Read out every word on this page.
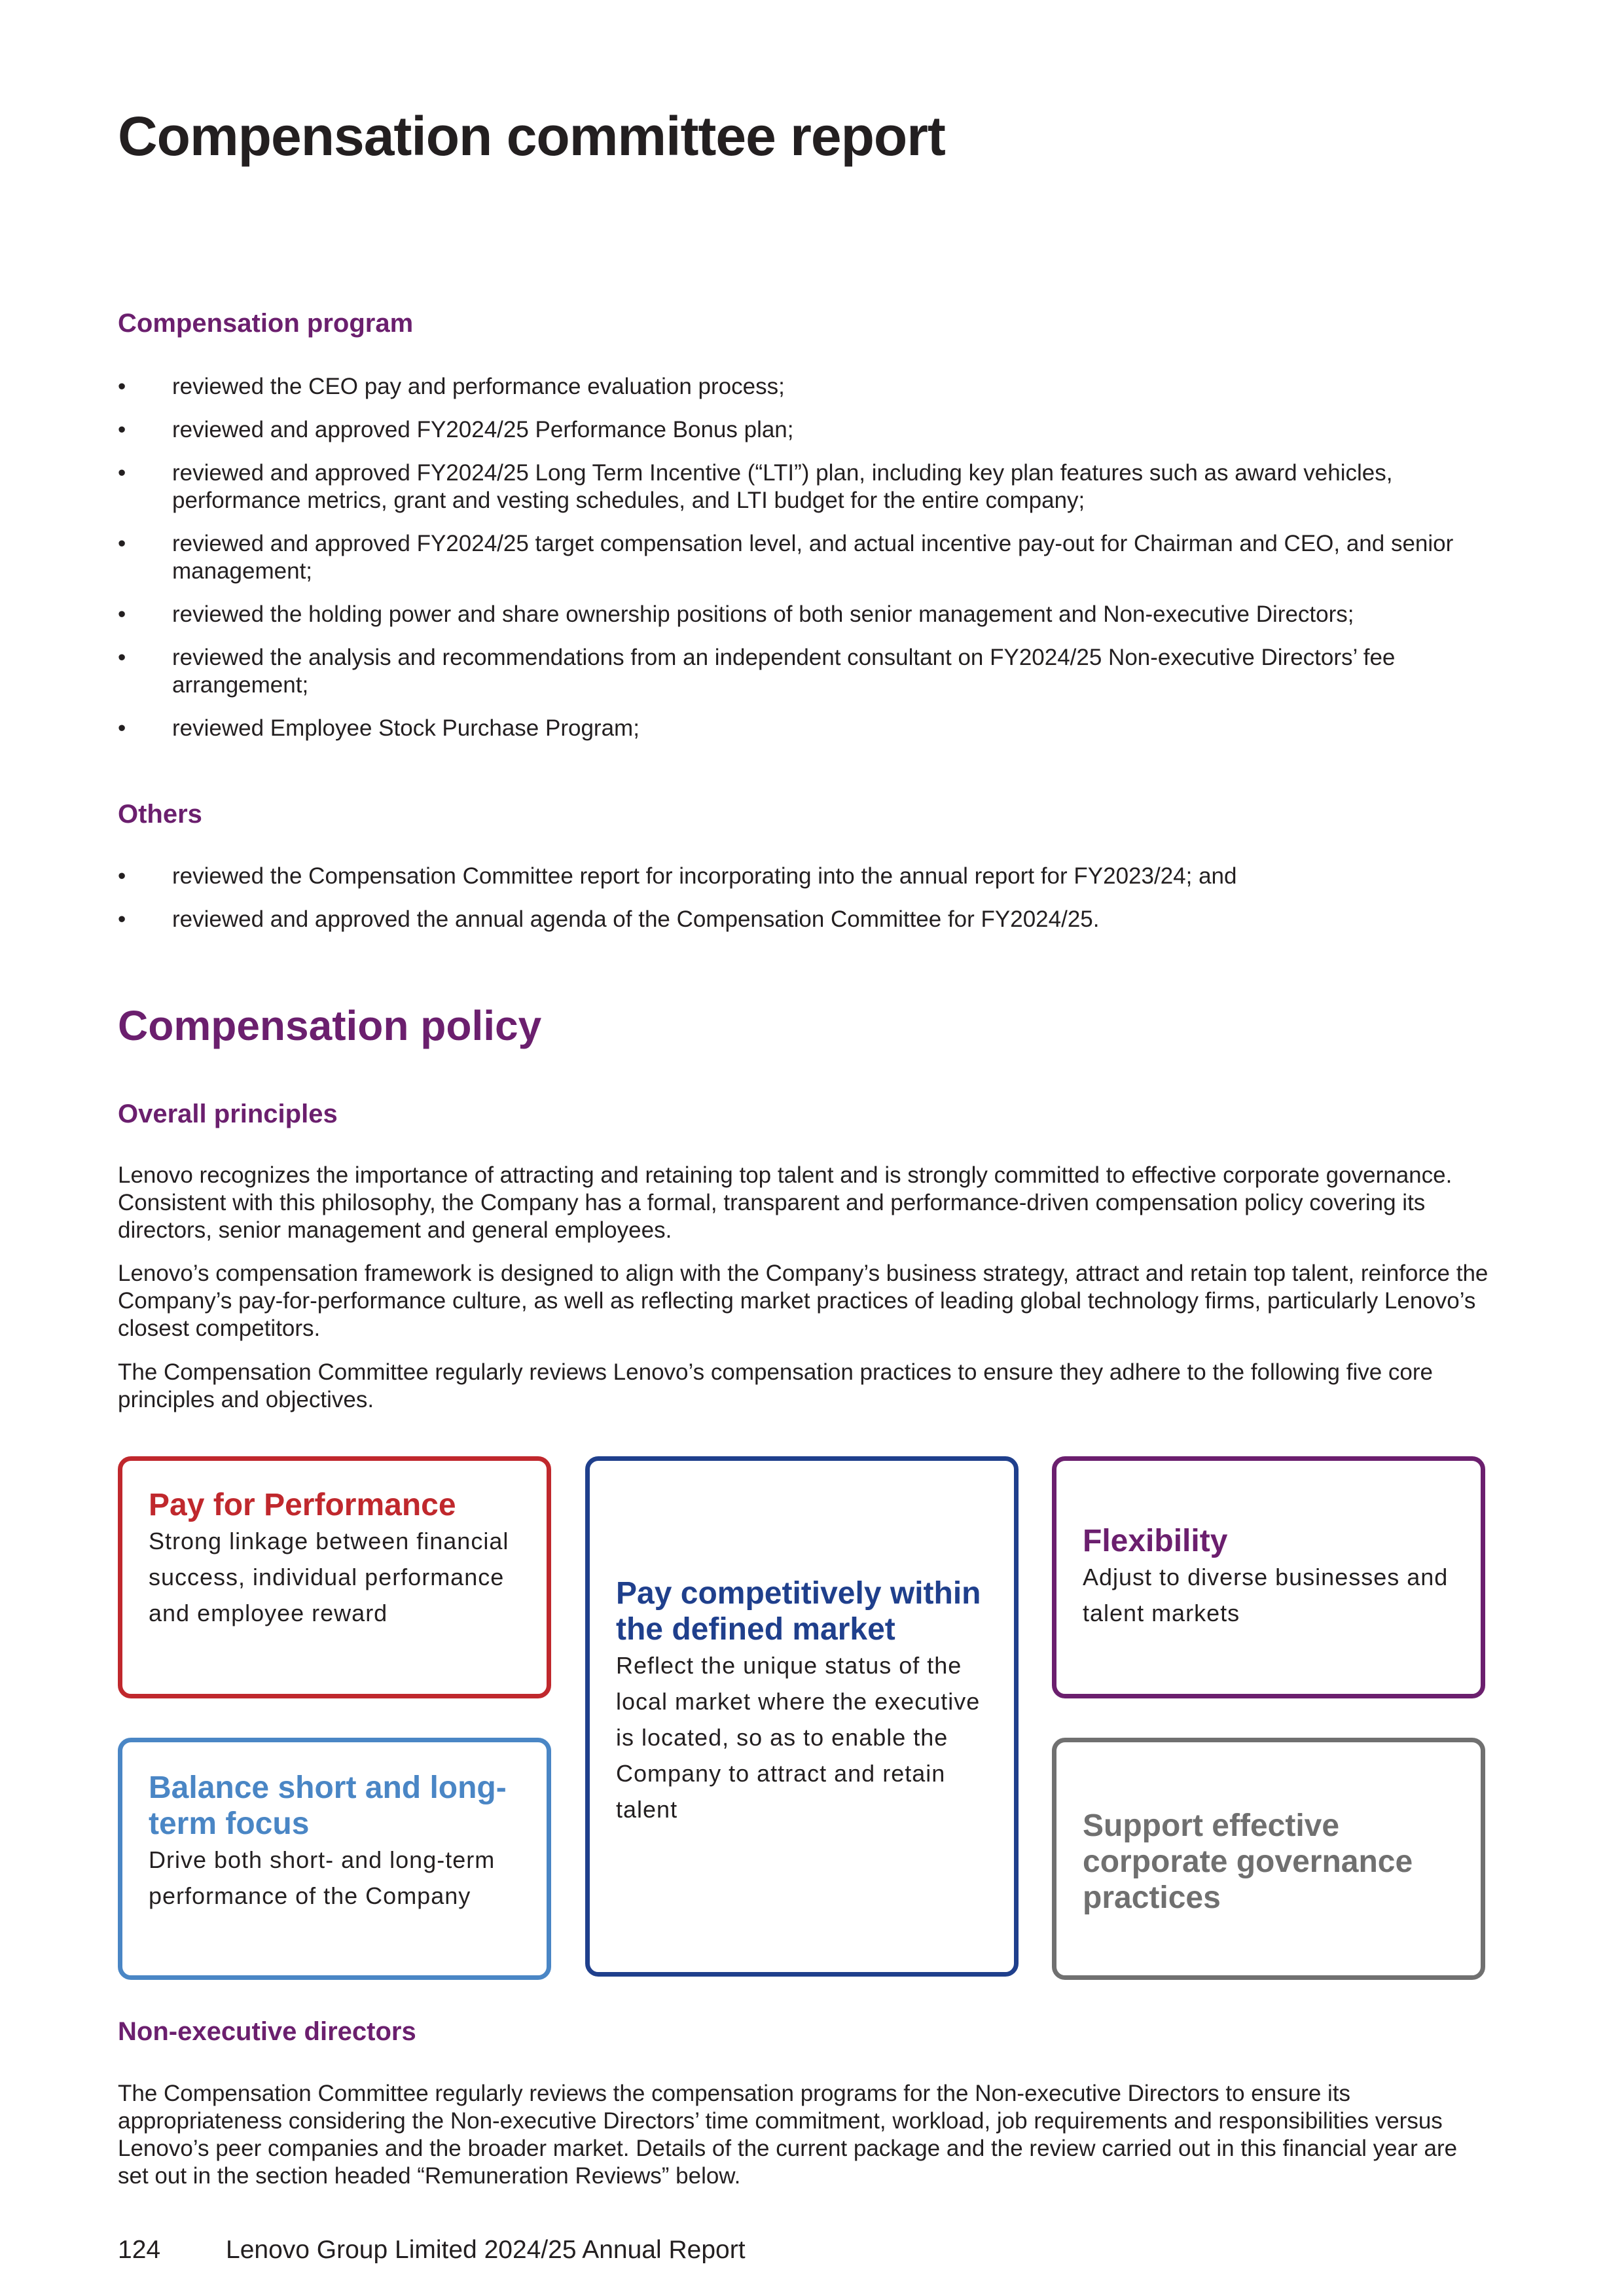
Compensation committee report
Compensation program
• reviewed the CEO pay and performance evaluation process;
• reviewed and approved FY2024/25 Performance Bonus plan;
• reviewed and approved FY2024/25 Long Term Incentive (“LTI”) plan, including key plan features such as award vehicles, performance metrics, grant and vesting schedules, and LTI budget for the entire company;
• reviewed and approved FY2024/25 target compensation level, and actual incentive pay-out for Chairman and CEO, and senior management;
• reviewed the holding power and share ownership positions of both senior management and Non-executive Directors;
• reviewed the analysis and recommendations from an independent consultant on FY2024/25 Non-executive Directors’ fee arrangement;
• reviewed Employee Stock Purchase Program;
Others
• reviewed the Compensation Committee report for incorporating into the annual report for FY2023/24; and
• reviewed and approved the annual agenda of the Compensation Committee for FY2024/25.
Compensation policy
Overall principles

Lenovo recognizes the importance of attracting and retaining top talent and is strongly committed to effective corporate governance. Consistent with this philosophy, the Company has a formal, transparent and performance-driven compensation policy covering its directors, senior management and general employees.

Lenovo’s compensation framework is designed to align with the Company’s business strategy, attract and retain top talent, reinforce the Company’s pay-for-performance culture, as well as reflecting market practices of leading global technology firms, particularly Lenovo’s closest competitors.

The Compensation Committee regularly reviews Lenovo’s compensation practices to ensure they adhere to the following five core principles and objectives.

Pay for Performance

Strong linkage between financial success, individual performance and employee reward

Pay competitively within the defined market

Reflect the unique status of the local market where the executive is located, so as to enable the Company to attract and retain talent

Flexibility

Adjust to diverse businesses and talent markets

Balance short and long-term focus

Drive both short- and long-term performance of the Company

Support effective corporate governance practices
Non-executive directors

The Compensation Committee regularly reviews the compensation programs for the Non-executive Directors to ensure its appropriateness considering the Non-executive Directors’ time commitment, workload, job requirements and responsibilities versus Lenovo’s peer companies and the broader market. Details of the current package and the review carried out in this financial year are set out in the section headed “Remuneration Reviews” below.

124	Lenovo Group Limited 2024/25 Annual Report
